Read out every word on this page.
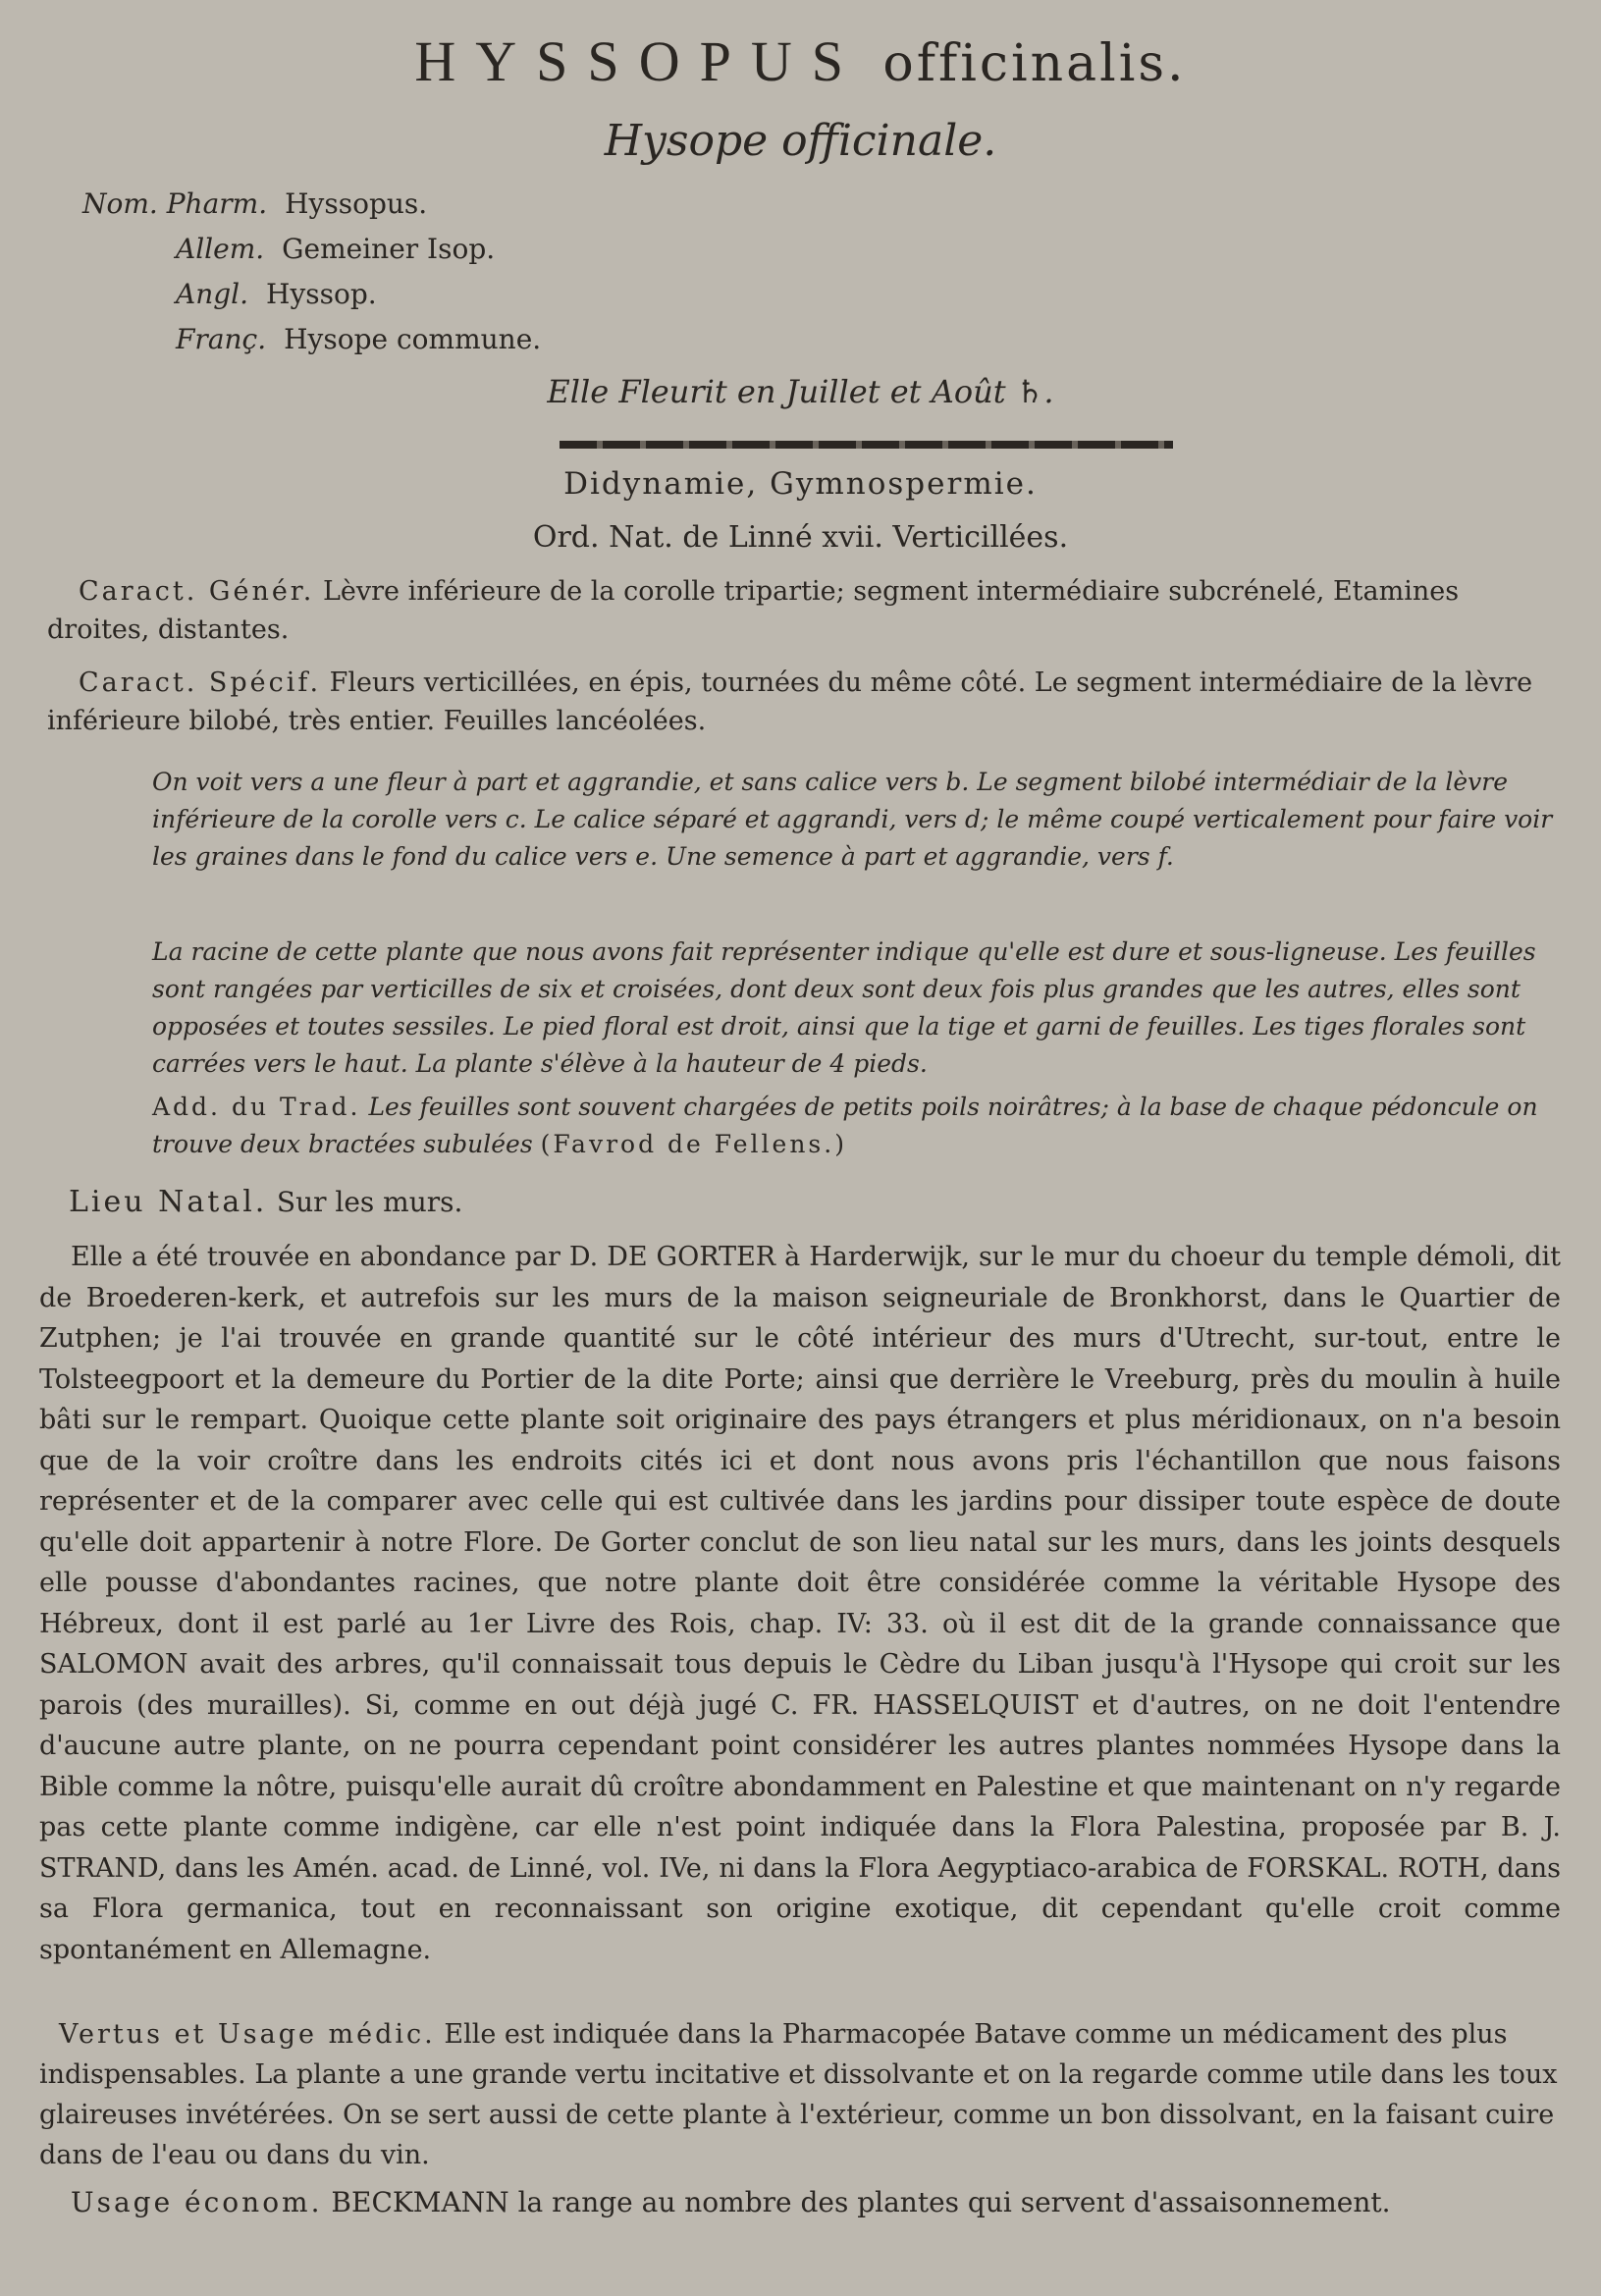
HYSSOPUS officinalis.
Hysope officinale.
Nom. Pharm. Hyssopus.
Allem. Gemeiner Isop.
Angl. Hyssop.
Franç. Hysope commune.
Elle Fleurit en Juillet et Août ♄.
Didynamie, Gymnospermie.
Ord. Nat. de Linné xvii. Verticillées.
Caract. Génér. Lèvre inférieure de la corolle tripartie; segment intermédiaire subcrénelé, Etamines droites, distantes.
Caract. Spécif. Fleurs verticillées, en épis, tournées du même côté. Le segment intermédiaire de la lèvre inférieure bilobé, très entier. Feuilles lancéolées.
On voit vers a une fleur à part et aggrandie, et sans calice vers b. Le segment bilobé intermédiair de la lèvre inférieure de la corolle vers c. Le calice séparé et aggrandi, vers d; le même coupé verticalement pour faire voir les graines dans le fond du calice vers e. Une semence à part et aggrandie, vers f.
La racine de cette plante que nous avons fait représenter indique qu'elle est dure et sous-ligneuse. Les feuilles sont rangées par verticilles de six et croisées, dont deux sont deux fois plus grandes que les autres, elles sont opposées et toutes sessiles. Le pied floral est droit, ainsi que la tige et garni de feuilles. Les tiges florales sont carrées vers le haut. La plante s'élève à la hauteur de 4 pieds.
Add. du Trad. Les feuilles sont souvent chargées de petits poils noirâtres; à la base de chaque pédoncule on trouve deux bractées subulées (Favrod de Fellens.)
Lieu Natal. Sur les murs.
Elle a été trouvée en abondance par D. DE GORTER à Harderwijk, sur le mur du choeur du temple démoli, dit de Broederen-kerk, et autrefois sur les murs de la maison seigneuriale de Bronkhorst, dans le Quartier de Zutphen; je l'ai trouvée en grande quantité sur le côté intérieur des murs d'Utrecht, sur-tout, entre le Tolsteegpoort et la demeure du Portier de la dite Porte; ainsi que derrière le Vreeburg, près du moulin à huile bâti sur le rempart. Quoique cette plante soit originaire des pays étrangers et plus méridionaux, on n'a besoin que de la voir croître dans les endroits cités ici et dont nous avons pris l'échantillon que nous faisons représenter et de la comparer avec celle qui est cultivée dans les jardins pour dissiper toute espèce de doute qu'elle doit appartenir à notre Flore. De Gorter conclut de son lieu natal sur les murs, dans les joints desquels elle pousse d'abondantes racines, que notre plante doit être considérée comme la véritable Hysope des Hébreux, dont il est parlé au 1er Livre des Rois, chap. IV: 33. où il est dit de la grande connaissance que SALOMON avait des arbres, qu'il connaissait tous depuis le Cèdre du Liban jusqu'à l'Hysope qui croit sur les parois (des murailles). Si, comme en out déjà jugé C. FR. HASSELQUIST et d'autres, on ne doit l'entendre d'aucune autre plante, on ne pourra cependant point considérer les autres plantes nommées Hysope dans la Bible comme la nôtre, puisqu'elle aurait dû croître abondamment en Palestine et que maintenant on n'y regarde pas cette plante comme indigène, car elle n'est point indiquée dans la Flora Palestina, proposée par B. J. STRAND, dans les Amén. acad. de Linné, vol. IVe, ni dans la Flora Aegyptiaco-arabica de FORSKAL. ROTH, dans sa Flora germanica, tout en reconnaissant son origine exotique, dit cependant qu'elle croit comme spontanément en Allemagne.
Vertus et Usage médic. Elle est indiquée dans la Pharmacopée Batave comme un médicament des plus indispensables. La plante a une grande vertu incitative et dissolvante et on la regarde comme utile dans les toux glaireuses invétérées. On se sert aussi de cette plante à l'extérieur, comme un bon dissolvant, en la faisant cuire dans de l'eau ou dans du vin.
Usage économ. BECKMANN la range au nombre des plantes qui servent d'assaisonnement.
